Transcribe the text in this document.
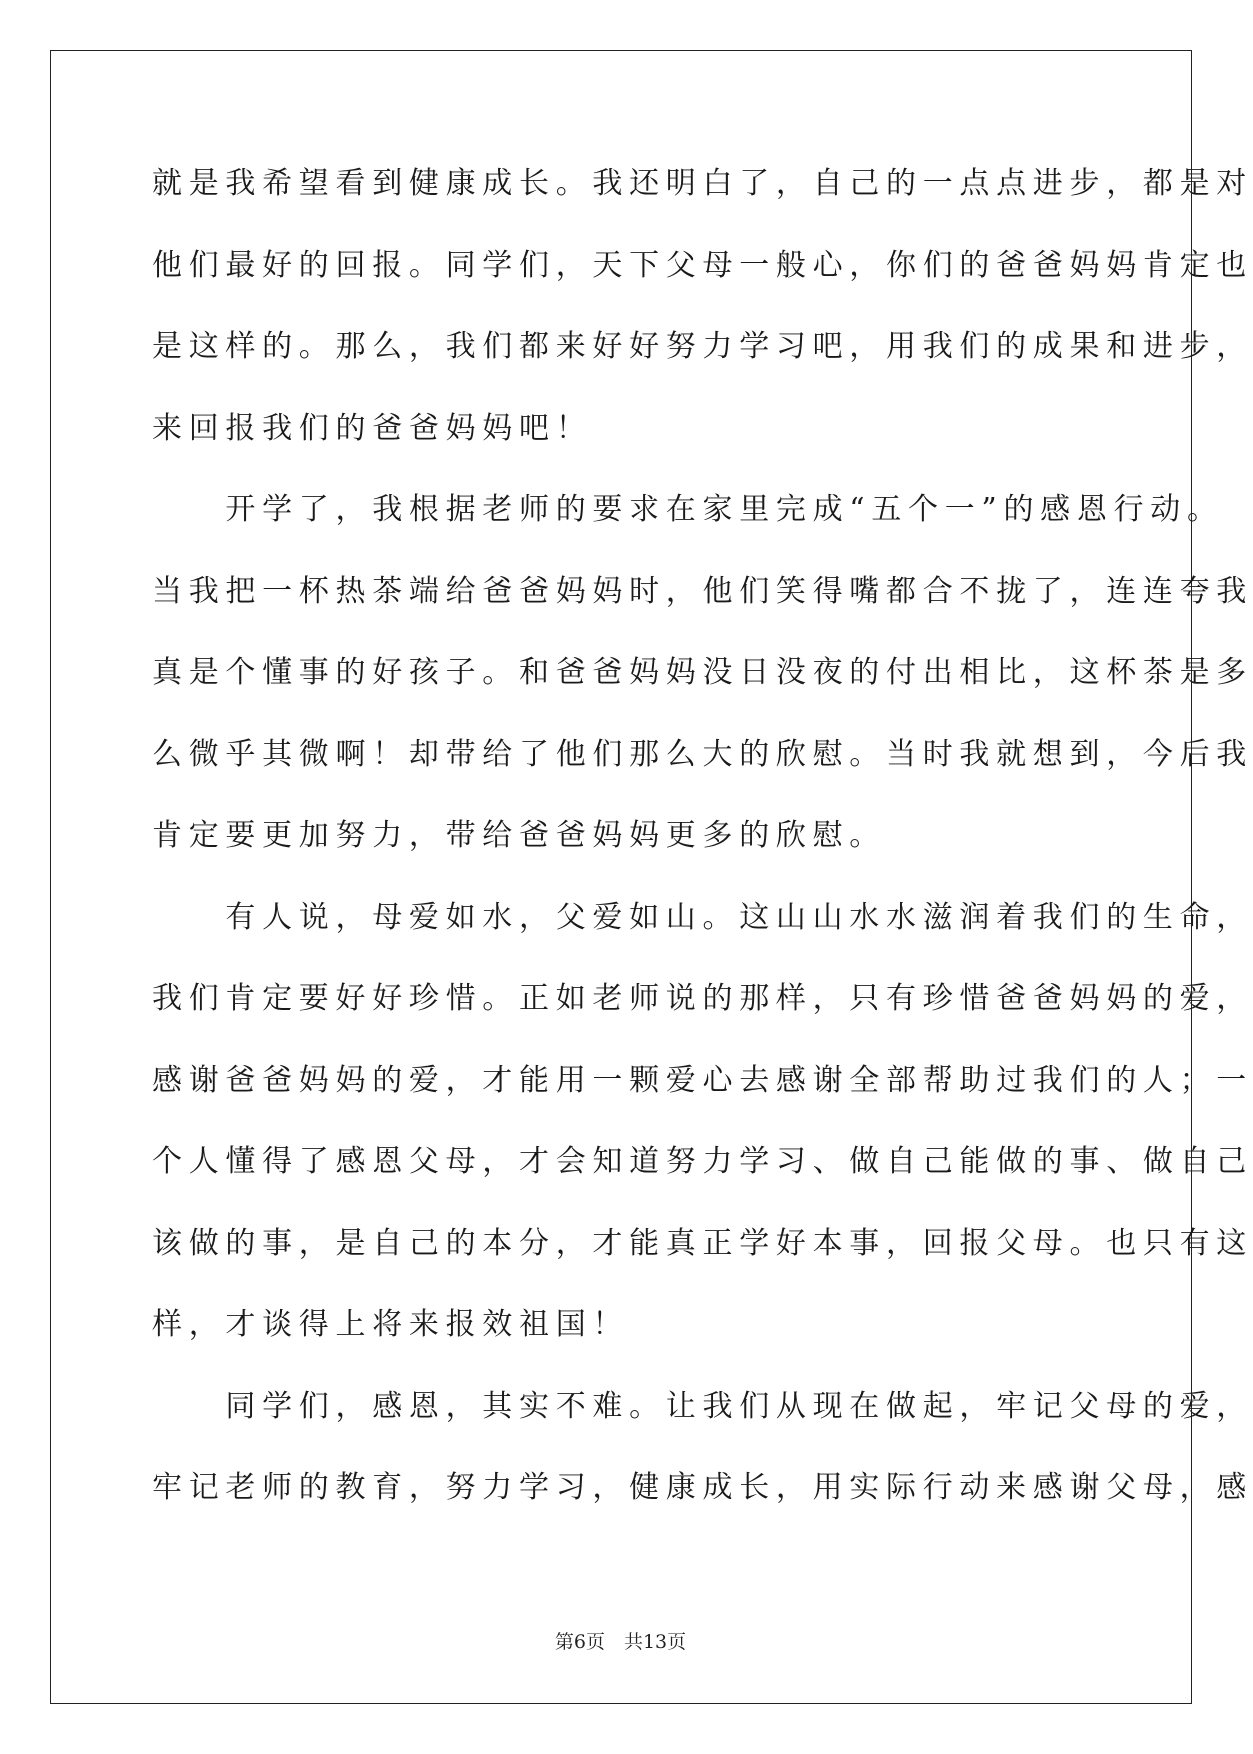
就是我希望看到健康成长。我还明白了，自己的一点点进步，都是对
他们最好的回报。同学们，天下父母一般心，你们的爸爸妈妈肯定也
是这样的。那么，我们都来好好努力学习吧，用我们的成果和进步，
来回报我们的爸爸妈妈吧！
　　开学了，我根据老师的要求在家里完成“五个一”的感恩行动。
当我把一杯热茶端给爸爸妈妈时，他们笑得嘴都合不拢了，连连夸我
真是个懂事的好孩子。和爸爸妈妈没日没夜的付出相比，这杯茶是多
么微乎其微啊！却带给了他们那么大的欣慰。当时我就想到，今后我
肯定要更加努力，带给爸爸妈妈更多的欣慰。
　　有人说，母爱如水，父爱如山。这山山水水滋润着我们的生命，
我们肯定要好好珍惜。正如老师说的那样，只有珍惜爸爸妈妈的爱，
感谢爸爸妈妈的爱，才能用一颗爱心去感谢全部帮助过我们的人；一
个人懂得了感恩父母，才会知道努力学习、做自己能做的事、做自己
该做的事，是自己的本分，才能真正学好本事，回报父母。也只有这
样，才谈得上将来报效祖国！
　　同学们，感恩，其实不难。让我们从现在做起，牢记父母的爱，
牢记老师的教育，努力学习，健康成长，用实际行动来感谢父母，感
第6页　共13页
